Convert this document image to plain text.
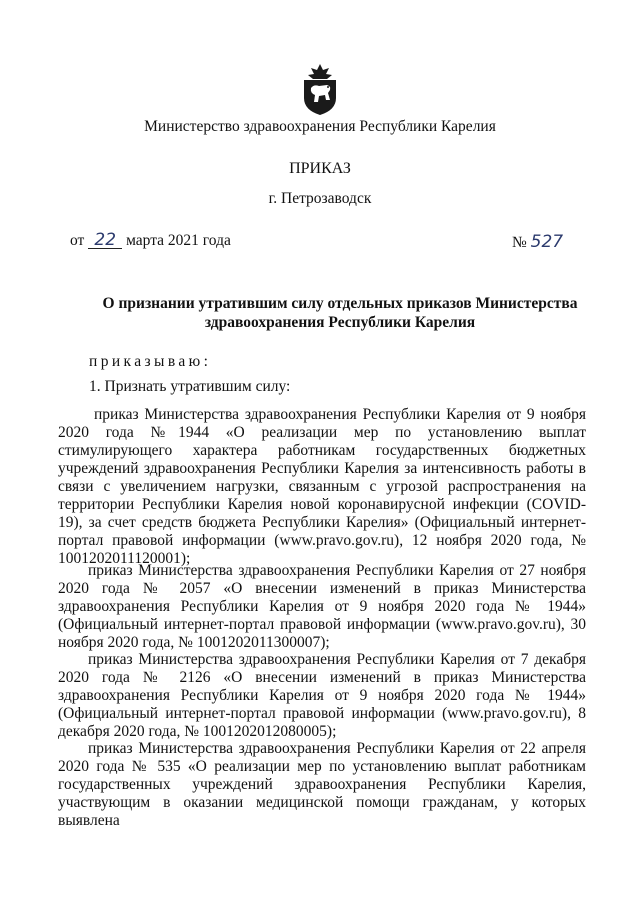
Министерство здравоохранения Республики Карелия
ПРИКАЗ
г. Петрозаводск
от 22 марта 2021 года	№ 527
О признании утратившим силу отдельных приказов Министерства
здравоохранения Республики Карелия
приказываю:
1. Признать утратившим силу:

приказ Министерства здравоохранения Республики Карелия от 9 ноября 2020 года №1944 «О реализации мер по установлению выплат стимулирующего характера работникам государственных бюджетных учреждений здравоохранения Республики Карелия за интенсивность работы в связи с увеличением нагрузки, связанным с угрозой распространения на территории Республики Карелия новой коронавирусной инфекции (COVID-19), за счет средств бюджета Республики Карелия» (Официальный интернет-портал правовой информации (www.pravo.gov.ru), 12 ноября 2020 года, № 1001202011120001);

приказ Министерства здравоохранения Республики Карелия от 27 ноября 2020 года № 2057 «О внесении изменений в приказ Министерства здравоохранения Республики Карелия от 9 ноября 2020 года № 1944» (Официальный интернет-портал правовой информации (www.pravo.gov.ru), 30 ноября 2020 года, № 1001202011300007);

приказ Министерства здравоохранения Республики Карелия от 7 декабря 2020 года № 2126 «О внесении изменений в приказ Министерства здравоохранения Республики Карелия от 9 ноября 2020 года № 1944» (Официальный интернет-портал правовой информации (www.pravo.gov.ru), 8 декабря 2020 года, № 1001202012080005);

приказ Министерства здравоохранения Республики Карелия от 22 апреля 2020 года № 535 «О реализации мер по установлению выплат работникам государственных учреждений здравоохранения Республики Карелия, участвующим в оказании медицинской помощи гражданам, у которых выявлена
